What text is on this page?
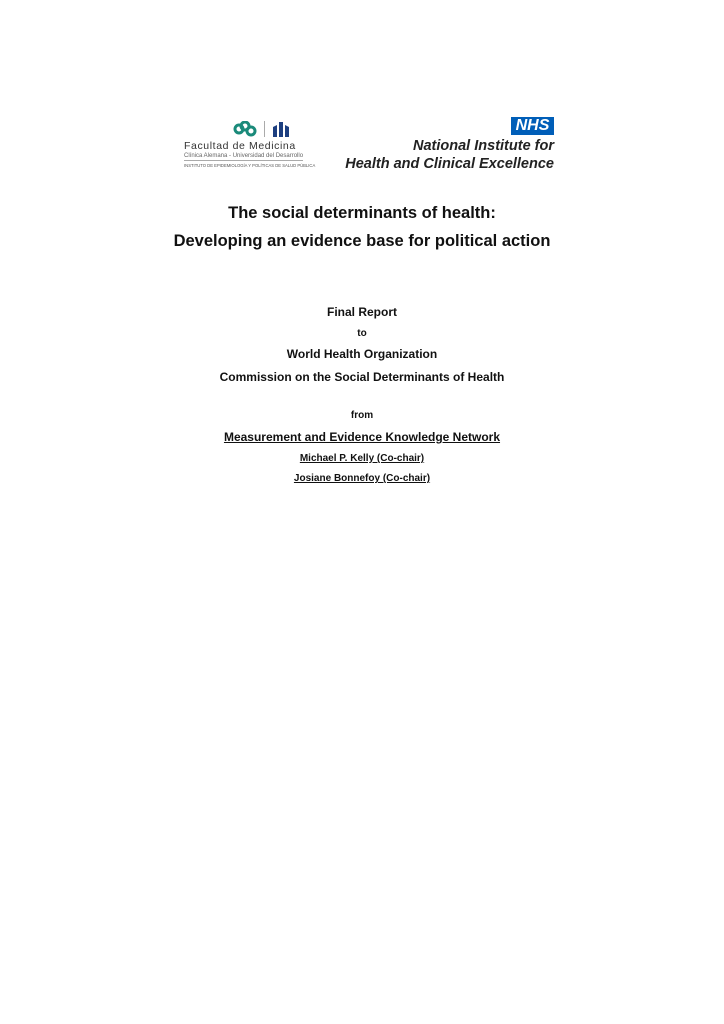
Facultad de Medicina
Clínica Alemana - Universidad del Desarrollo
INSTITUTO DE EPIDEMIOLOGÍA Y POLÍTICAS DE SALUD PÚBLICA
NHS
National Institute for
Health and Clinical Excellence
The social determinants of health:
Developing an evidence base for political action
Final Report
to
World Health Organization
Commission on the Social Determinants of Health
from
Measurement and Evidence Knowledge Network
Michael P. Kelly (Co-chair)
Josiane Bonnefoy (Co-chair)
